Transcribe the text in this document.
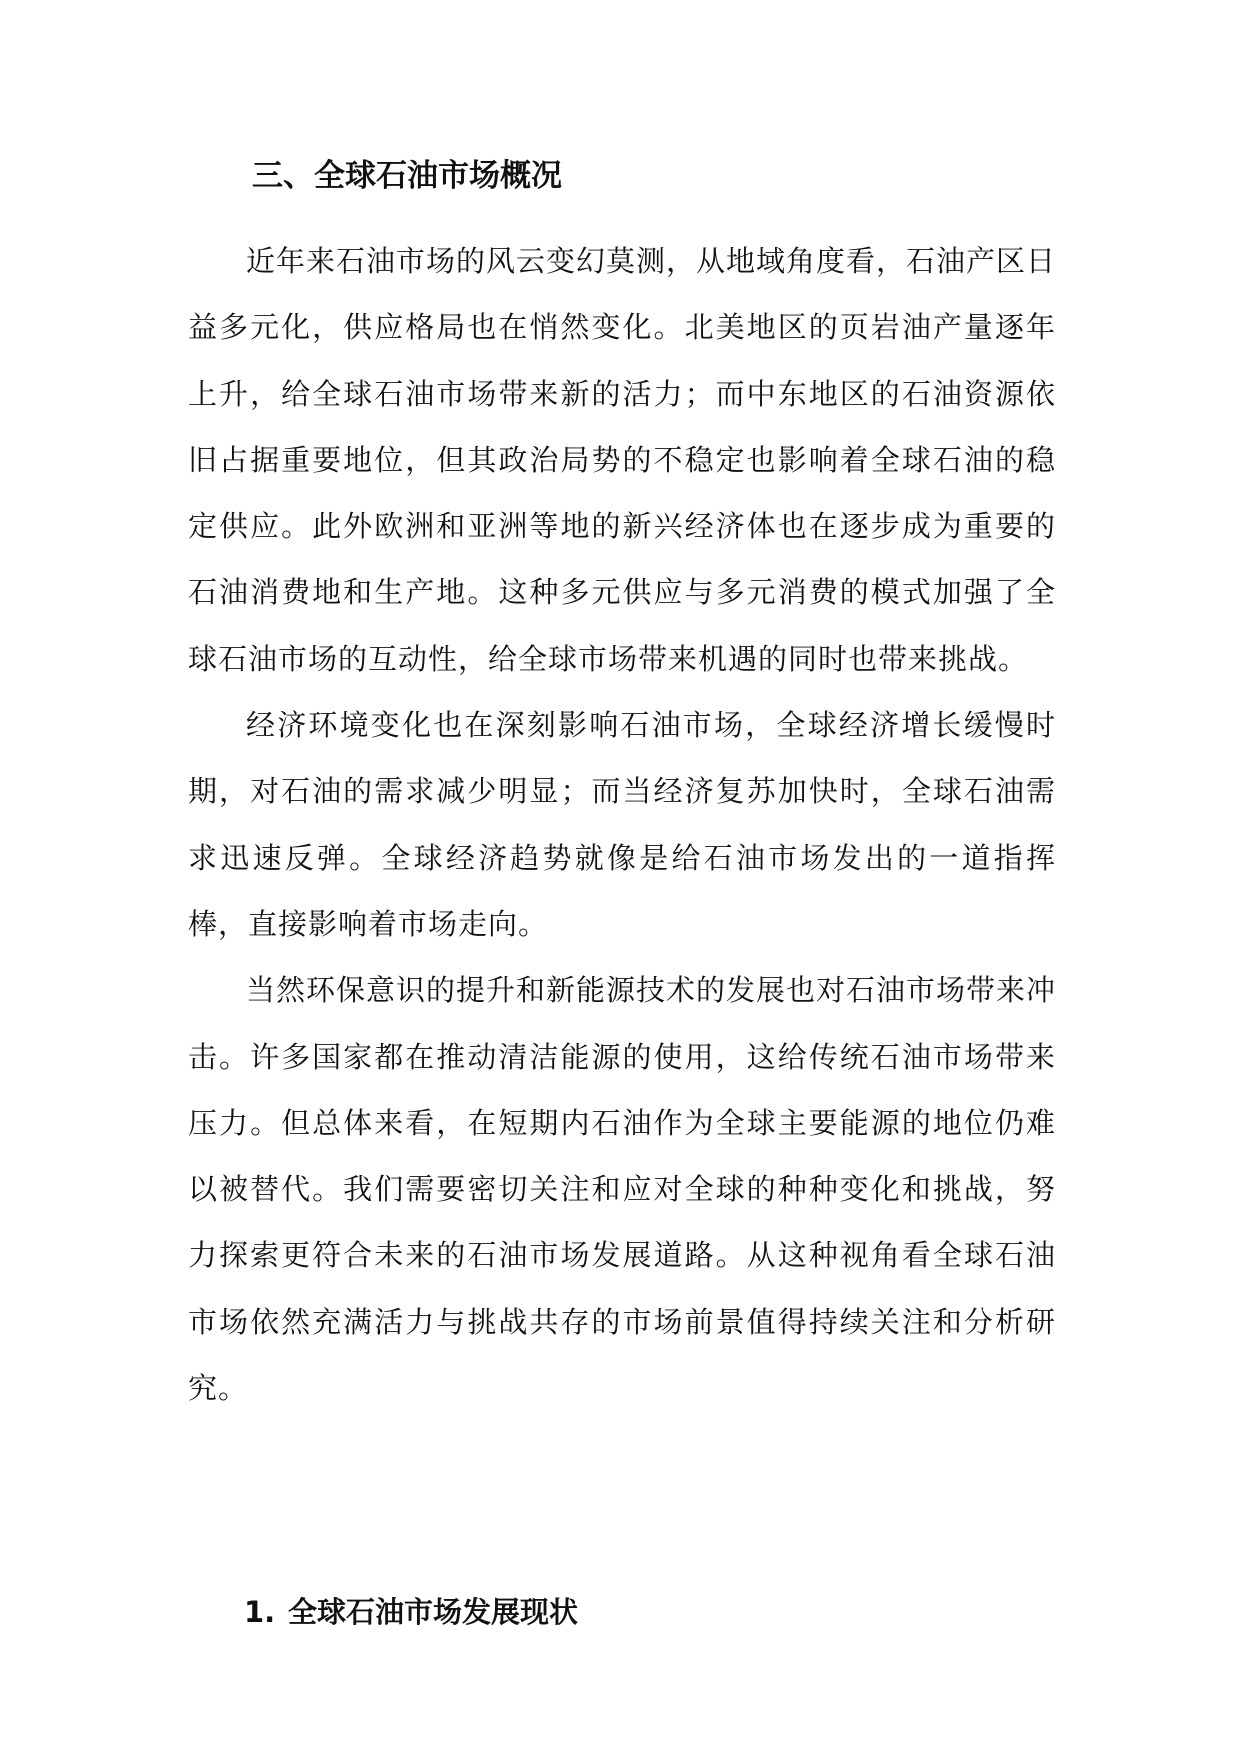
三、全球石油市场概况

近年来石油市场的风云变幻莫测，从地域角度看，石油产区日益多元化，供应格局也在悄然变化。北美地区的页岩油产量逐年上升，给全球石油市场带来新的活力；而中东地区的石油资源依旧占据重要地位，但其政治局势的不稳定也影响着全球石油的稳定供应。此外欧洲和亚洲等地的新兴经济体也在逐步成为重要的石油消费地和生产地。这种多元供应与多元消费的模式加强了全球石油市场的互动性，给全球市场带来机遇的同时也带来挑战。

经济环境变化也在深刻影响石油市场，全球经济增长缓慢时期，对石油的需求减少明显；而当经济复苏加快时，全球石油需求迅速反弹。全球经济趋势就像是给石油市场发出的一道指挥棒，直接影响着市场走向。

当然环保意识的提升和新能源技术的发展也对石油市场带来冲击。许多国家都在推动清洁能源的使用，这给传统石油市场带来压力。但总体来看，在短期内石油作为全球主要能源的地位仍难以被替代。我们需要密切关注和应对全球的种种变化和挑战，努力探索更符合未来的石油市场发展道路。从这种视角看全球石油市场依然充满活力与挑战共存的市场前景值得持续关注和分析研究。

1. 全球石油市场发展现状
